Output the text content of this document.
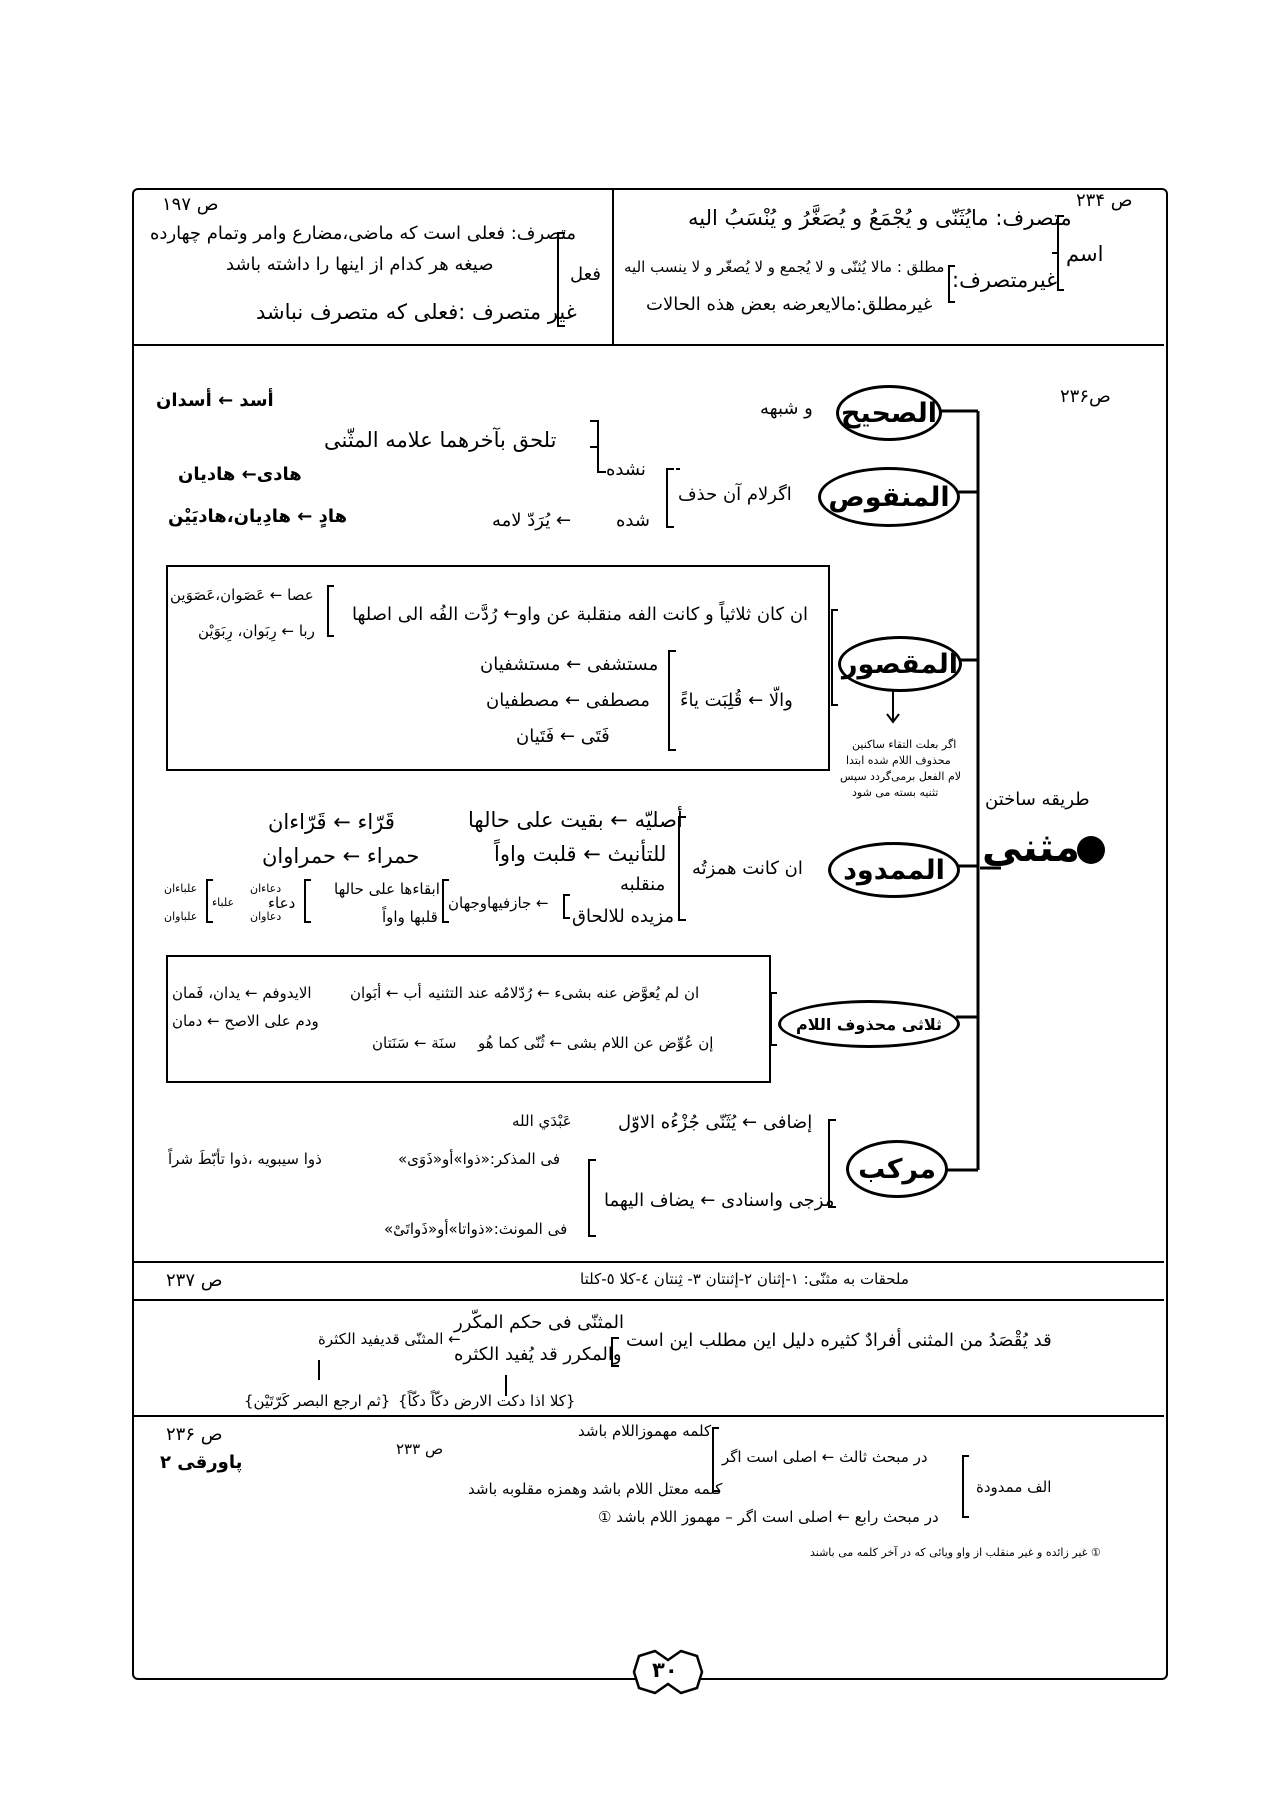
ص ۱۹۷
فعل
متصرف: فعلی است که ماضی،مضارع وامر وتمام چهارده
صیغه هر کدام از اینها را داشته باشد
غیر متصرف :فعلی که متصرف نباشد
ص ۲۳۴
اسم
متصرف: مایُثَنّی و یُجْمَعُ و یُصَغَّرُ و یُنْسَبُ الیه
غیرمتصرف:
مطلق : مالا یُثنّی و لا یُجمع و لا یُصغّر و لا ینسب الیه
غیرمطلق:مالایعرضه بعض هذه الحالات
ص۲۳۶
طریقه ساختن
مثنی
الصحیح
و شبهه
أسد ← أسدان
المنقوص
اگرلام آن حذف
نشده
شده
تلحق بآخرهما علامه المثّنی
← یُرَدّ لامه
هادی← هادیان
هادٍ ← هادِیان،هادیَیْن
المقصور
ان کان ثلاثیاً و کانت الفه منقلبة عن واو← رُدَّت الفُه الی اصلها
عصا ← عَصَوان،عَصَوَین
ربا ← رِبَوان، رِبَوَیْن
والّا ← قُلِبَت یاءً
مستشفی ← مستشفیان
مصطفی ← مصطفیان
فَتَی ← فَتَیان	اگر بعلت التقاء ساکنین
محذوف اللام شده ابتدا
لام الفعل برمی‌گردد سپس
تثنیه بسته می شود
الممدود
ان کانت همزتُه
أصلیّه ← بقیت علی حالها
قَرّاء ← قَرّاءان
للتأنیث ← قلبت واواً
حمراء ← حمراوان
منقلبه
مزیده للالحاق
← جازفیهاوجهان
ابقاءها علی حالها
قلبها واواً
دعاء
دعاءان
دعاوان
علباء
علباءان
علباوان
ثلاثی محذوف اللام
ان لم یُعوَّض عنه بشیء ← رُدّلامُه عند التثنیه
أب ← أبَوان
الایدوفم ← یدان، فَمان
ودم علی الاصح ← دمان
إن عُوِّض عن اللام بشی ← ثُنّی کما هُو
سنَة ← سَنَتان
مرکب
إضافی ← یُثَنّی جُزْءُه الاوّل
عَبْدَي الله
مزجی واسنادی ← یضاف الیهما
فی المذکر:«ذوا»أو«ذَوَی»
ذوا سیبویه ،ذوا تأبّطَ شراً
فی المونث:«ذواتا»أو«ذَواتَیْ»
ملحقات به مثنّی: ۱-إثنان ۲-إثنتان ۳- ثِنتان ٤-کلا ٥-کلتا
ص ۲۳۷
قد یُقْصَدُ من المثنی أفرادٌ کثیره دلیل این مطلب این است
المثنّی فی حکم المکّرر
والمکرر قد یُفید الکثره
← المثنّی قدیفید الکثرة
{کلا اذا دکت الارض دکّاً دکّاً}
{ثم ارجع البصر کَرّتَیْن}
ص ۲۳۶
پاورقی ۲
ص ۲۳۳
الف ممدودة
در مبحث ثالث ← اصلی است اگر
کلمه مهموزاللام باشد
کلمه معتل اللام باشد وهمزه مقلوبه باشد
در مبحث رابع ← اصلی است اگر – مهموز اللام باشد ①
① غیر زائده و غیر منقلب از واو ویائی که در آخر کلمه می باشند
۳۰
